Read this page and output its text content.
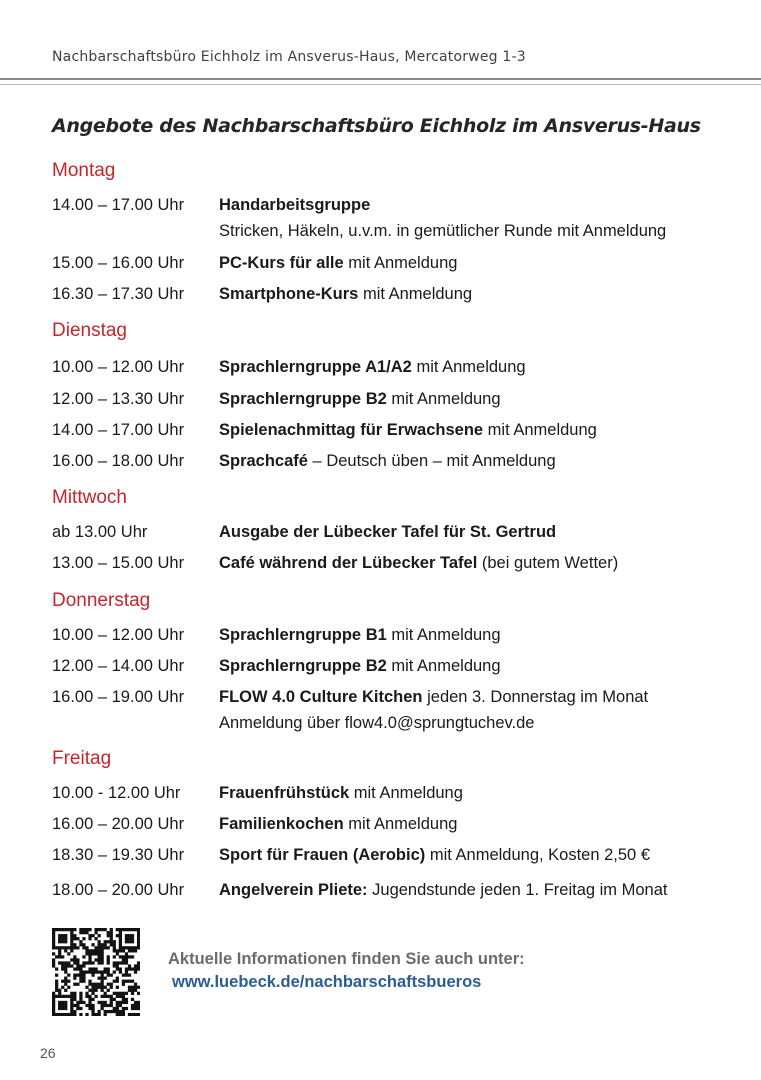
Nachbarschaftsbüro Eichholz im Ansverus-Haus, Mercatorweg 1-3
Angebote des Nachbarschaftsbüro Eichholz im Ansverus-Haus
Montag
14.00 – 17.00 Uhr	Handarbeitsgruppe
Stricken, Häkeln, u.v.m. in gemütlicher Runde mit Anmeldung
15.00 – 16.00 Uhr	PC-Kurs für alle mit Anmeldung
16.30 – 17.30 Uhr	Smartphone-Kurs mit Anmeldung
Dienstag
10.00 – 12.00 Uhr	Sprachlerngruppe A1/A2 mit Anmeldung
12.00 – 13.30 Uhr	Sprachlerngruppe B2 mit Anmeldung
14.00 – 17.00 Uhr	Spielenachmittag für Erwachsene mit Anmeldung
16.00 – 18.00 Uhr	Sprachcafé – Deutsch üben – mit Anmeldung
Mittwoch
ab 13.00 Uhr	Ausgabe der Lübecker Tafel für St. Gertrud
13.00 – 15.00 Uhr	Café während der Lübecker Tafel (bei gutem Wetter)
Donnerstag
10.00 – 12.00 Uhr	Sprachlerngruppe B1 mit Anmeldung
12.00 – 14.00 Uhr	Sprachlerngruppe B2 mit Anmeldung
16.00 – 19.00 Uhr	FLOW 4.0 Culture Kitchen jeden 3. Donnerstag im Monat
Anmeldung über flow4.0@sprungtuchev.de
Freitag
10.00 - 12.00 Uhr	Frauenfrühstück mit Anmeldung
16.00 – 20.00 Uhr	Familienkochen mit Anmeldung
18.30 – 19.30 Uhr	Sport für Frauen (Aerobic) mit Anmeldung, Kosten 2,50 €
18.00 – 20.00 Uhr	Angelverein Pliete: Jugendstunde jeden 1. Freitag im Monat
Aktuelle Informationen finden Sie auch unter:
www.luebeck.de/nachbarschaftsbueros
26
